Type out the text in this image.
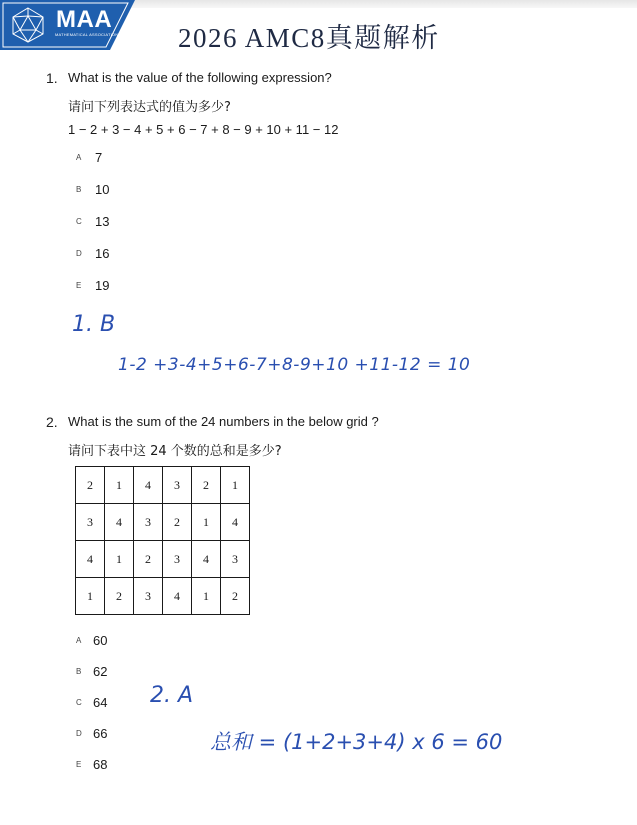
MAA
MATHEMATICAL ASSOCIATION OF AMERICA 2026 AMC8真题解析
1. What is the value of the following expression?
请问下列表达式的值为多少?
1 − 2 + 3 − 4 + 5 + 6 − 7 + 8 − 9 + 10 + 11 − 12
A 7
B 10
C 13
D 16
E 19
1. B
1-2 +3-4+5+6-7+8-9+10 +11-12 = 10
2. What is the sum of the 24 numbers in the below grid ?
请问下表中这 24 个数的总和是多少?
2	1	4	3	2	1
3	4	3	2	1	4
4	1	2	3	4	3
1	2	3	4	1	2
A 60
B 62
C 64
D 66
E 68
2. A
总和 = (1+2+3+4) x 6 = 60
